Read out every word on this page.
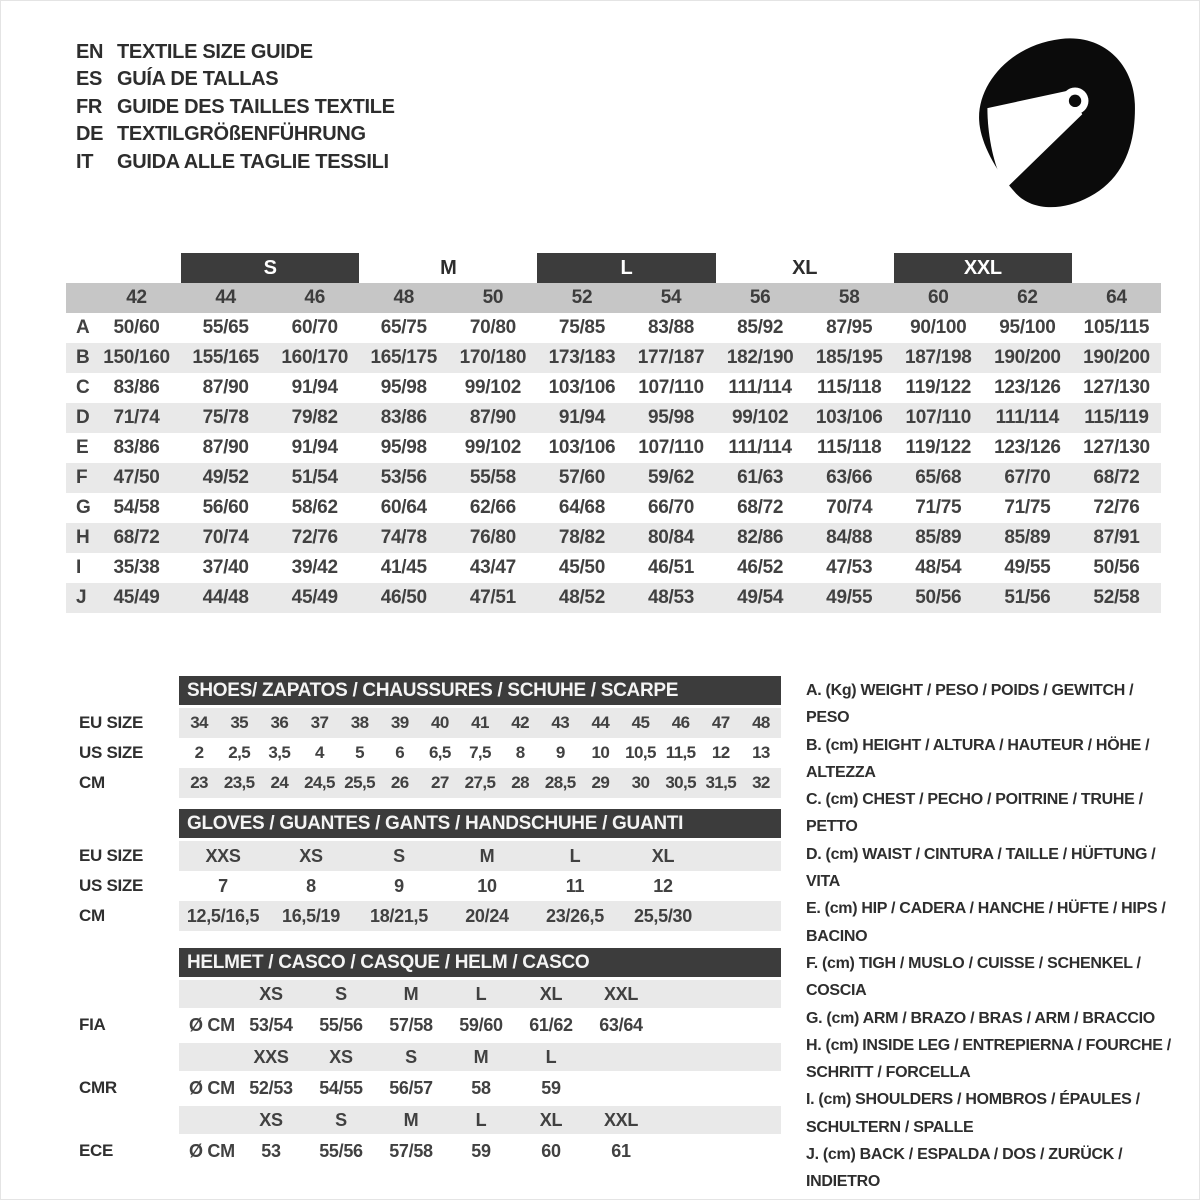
EN TEXTILE SIZE GUIDE
ES GUÍA DE TALLAS
FR GUIDE DES TAILLES TEXTILE
DE TEXTILGRÖßENFÜHRUNG
IT	GUIDA ALLE TAGLIE TESSILI
S	M	L	XL	XXL
42	44	46	48	50	52	54	56	58	60	62	64
A	50/60	55/65	60/70	65/75	70/80	75/85	83/88	85/92	87/95	90/100	95/100	105/115
B 150/160	155/165	160/170	165/175	170/180	173/183	177/187	182/190	185/195	187/198	190/200	190/200
C	83/86	87/90	91/94	95/98	99/102	103/106	107/110	111/114	115/118	119/122	123/126	127/130
D	71/74	75/78	79/82	83/86	87/90	91/94	95/98	99/102	103/106	107/110	111/114	115/119
E	83/86	87/90	91/94	95/98	99/102	103/106	107/110	111/114	115/118	119/122	123/126	127/130
F	47/50	49/52	51/54	53/56	55/58	57/60	59/62	61/63	63/66	65/68	67/70	68/72
G	54/58	56/60	58/62	60/64	62/66	64/68	66/70	68/72	70/74	71/75	71/75	72/76
H	68/72	70/74	72/76	74/78	76/80	78/82	80/84	82/86	84/88	85/89	85/89	87/91
I	35/38	37/40	39/42	41/45	43/47	45/50	46/51	46/52	47/53	48/54	49/55	50/56
J	45/49	44/48	45/49	46/50	47/51	48/52	48/53	49/54	49/55	50/56	51/56	52/58
SHOES/ ZAPATOS / CHAUSSURES / SCHUHE / SCARPE
EU SIZE	34	35	36	37	38	39	40	41	42	43	44	45	46	47	48
US SIZE	2	2,5	3,5	4	5	6	6,5	7,5	8	9	10 10,5 11,5 12	13
CM	23 23,5 24 24,5 25,5 26	27 27,5 28 28,5 29	30 30,5 31,5 32
GLOVES / GUANTES / GANTS / HANDSCHUHE / GUANTI
EU SIZE	XXS	XS	S	M	L	XL
US SIZE	7	8	9	10	11	12
CM	12,5/16,5	16,5/19	18/21,5	20/24	23/26,5	25,5/30
HELMET / CASCO / CASQUE / HELM / CASCO
XS	S	M	L	XL	XXL
Ø CM 53/54	55/56	57/58	59/60	61/62	63/64
FIA
XXS	XS	S	M	L
Ø CM 52/53	54/55	56/57	58	59
CMR
XS	S	M	L	XL	XXL
Ø CM	53	55/56	57/58	59	60	61
ECE
A. (Kg) WEIGHT / PESO / POIDS / GEWITCH / PESO
B. (cm) HEIGHT / ALTURA / HAUTEUR / HÖHE / ALTEZZA
C. (cm) CHEST / PECHO / POITRINE / TRUHE / PETTO
D. (cm) WAIST / CINTURA / TAILLE / HÜFTUNG / VITA
E. (cm) HIP / CADERA / HANCHE / HÜFTE / HIPS / BACINO
F. (cm) TIGH / MUSLO / CUISSE / SCHENKEL / COSCIA
G. (cm) ARM / BRAZO / BRAS / ARM / BRACCIO
H. (cm) INSIDE LEG / ENTREPIERNA / FOURCHE / SCHRITT / FORCELLA
I. (cm) SHOULDERS / HOMBROS / ÉPAULES / SCHULTERN / SPALLE
J. (cm) BACK / ESPALDA / DOS / ZURÜCK / INDIETRO
